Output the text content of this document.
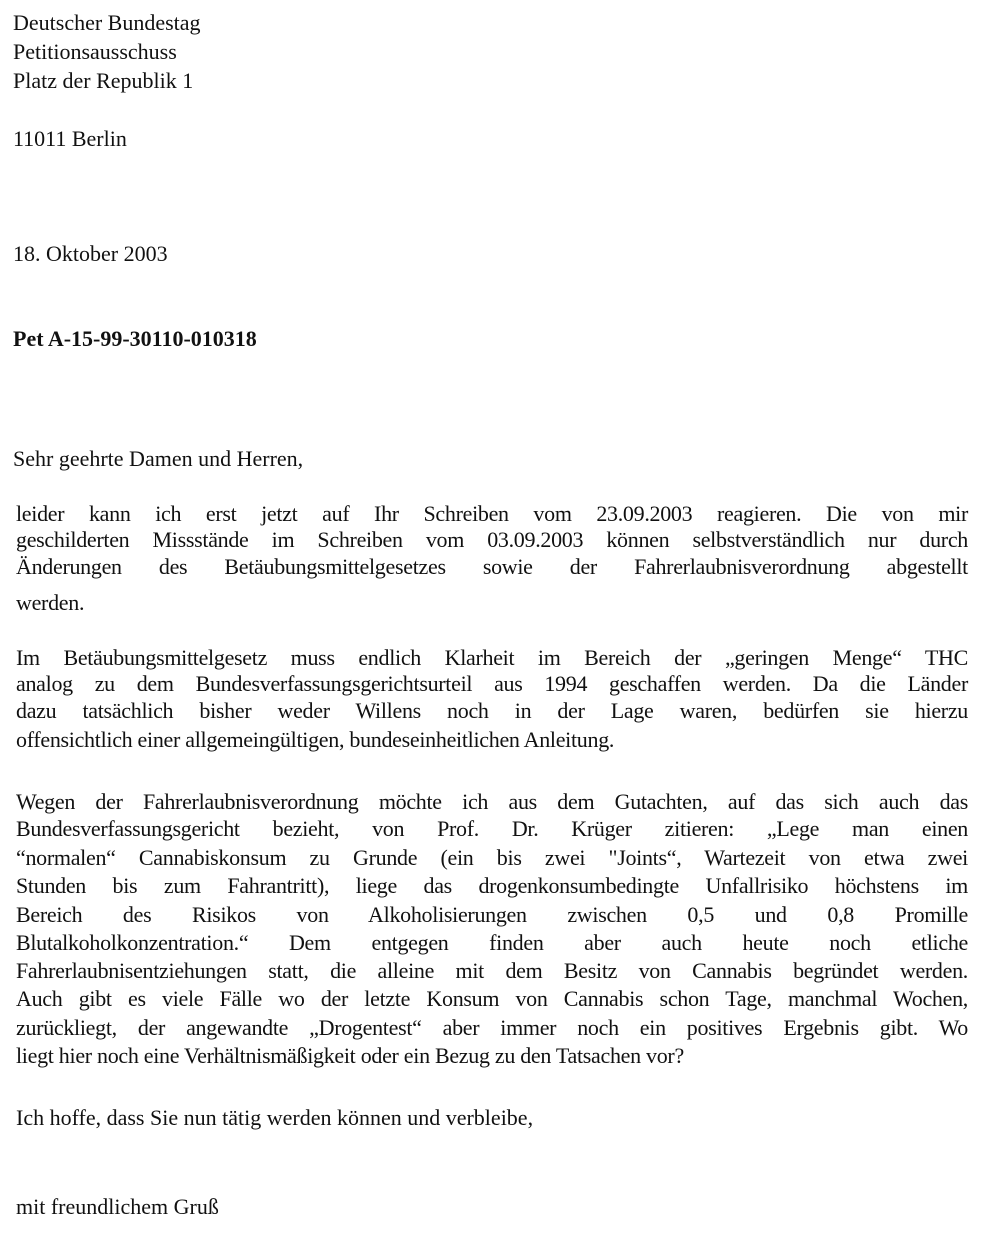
Deutscher Bundestag
Petitionsausschuss
Platz der Republik 1
11011 Berlin
18. Oktober 2003
Pet A-15-99-30110-010318
Sehr geehrte Damen und Herren,
leider kann ich erst jetzt auf Ihr Schreiben vom 23.09.2003 reagieren. Die von mir
geschilderten Missstände im Schreiben vom 03.09.2003 können selbstverständlich nur durch
Änderungen des Betäubungsmittelgesetzes sowie der Fahrerlaubnisverordnung abgestellt
werden.
Im Betäubungsmittelgesetz muss endlich Klarheit im Bereich der „geringen Menge“ THC
analog zu dem Bundesverfassungsgerichtsurteil aus 1994 geschaffen werden. Da die Länder
dazu tatsächlich bisher weder Willens noch in der Lage waren, bedürfen sie hierzu
offensichtlich einer allgemeingültigen, bundeseinheitlichen Anleitung.
Wegen der Fahrerlaubnisverordnung möchte ich aus dem Gutachten, auf das sich auch das
Bundesverfassungsgericht bezieht, von Prof. Dr. Krüger zitieren: „Lege man einen
“normalen“ Cannabiskonsum zu Grunde (ein bis zwei "Joints“, Wartezeit von etwa zwei
Stunden bis zum Fahrantritt), liege das drogenkonsumbedingte Unfallrisiko höchstens im
Bereich des Risikos von Alkoholisierungen zwischen 0,5 und 0,8 Promille
Blutalkoholkonzentration.“ Dem entgegen finden aber auch heute noch etliche
Fahrerlaubnisentziehungen statt, die alleine mit dem Besitz von Cannabis begründet werden.
Auch gibt es viele Fälle wo der letzte Konsum von Cannabis schon Tage, manchmal Wochen,
zurückliegt, der angewandte „Drogentest“ aber immer noch ein positives Ergebnis gibt. Wo
liegt hier noch eine Verhältnismäßigkeit oder ein Bezug zu den Tatsachen vor?
Ich hoffe, dass Sie nun tätig werden können und verbleibe,
mit freundlichem Gruß
